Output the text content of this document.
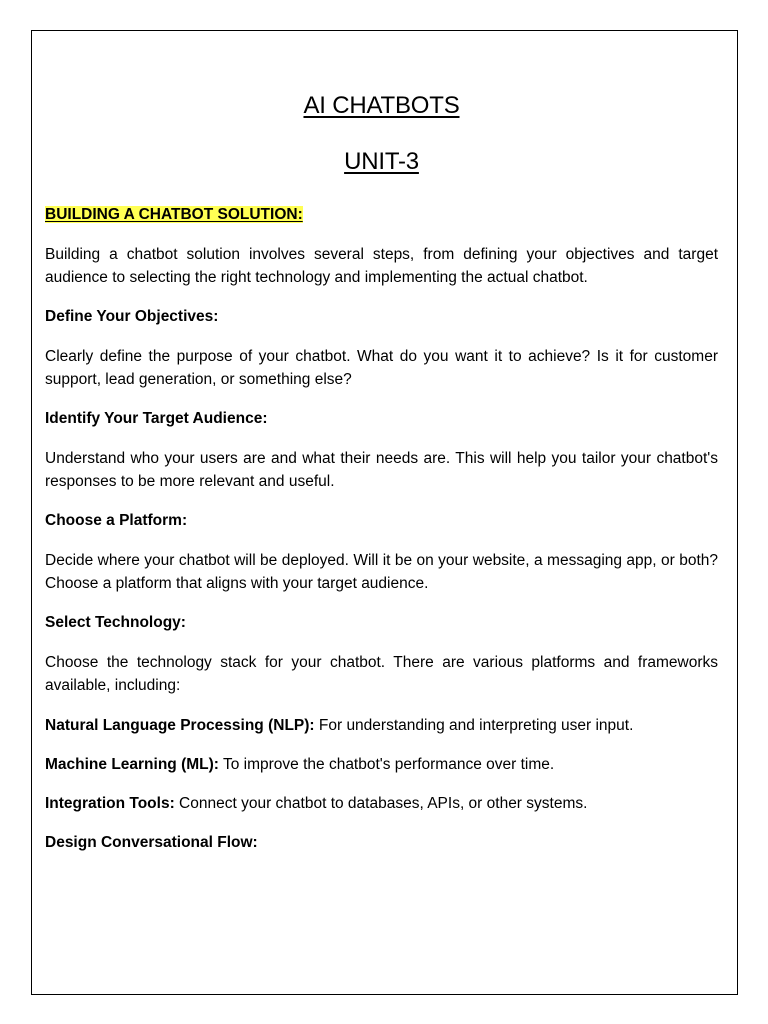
AI CHATBOTS
UNIT-3
BUILDING A CHATBOT SOLUTION:

Building a chatbot solution involves several steps, from defining your objectives and target audience to selecting the right technology and implementing the actual chatbot.

Define Your Objectives:

Clearly define the purpose of your chatbot. What do you want it to achieve? Is it for customer support, lead generation, or something else?

Identify Your Target Audience:

Understand who your users are and what their needs are. This will help you tailor your chatbot's responses to be more relevant and useful.

Choose a Platform:

Decide where your chatbot will be deployed. Will it be on your website, a messaging app, or both? Choose a platform that aligns with your target audience.

Select Technology:

Choose the technology stack for your chatbot. There are various platforms and frameworks available, including:

Natural Language Processing (NLP): For understanding and interpreting user input.
Machine Learning (ML): To improve the chatbot's performance over time.
Integration Tools: Connect your chatbot to databases, APIs, or other systems.
Design Conversational Flow:
